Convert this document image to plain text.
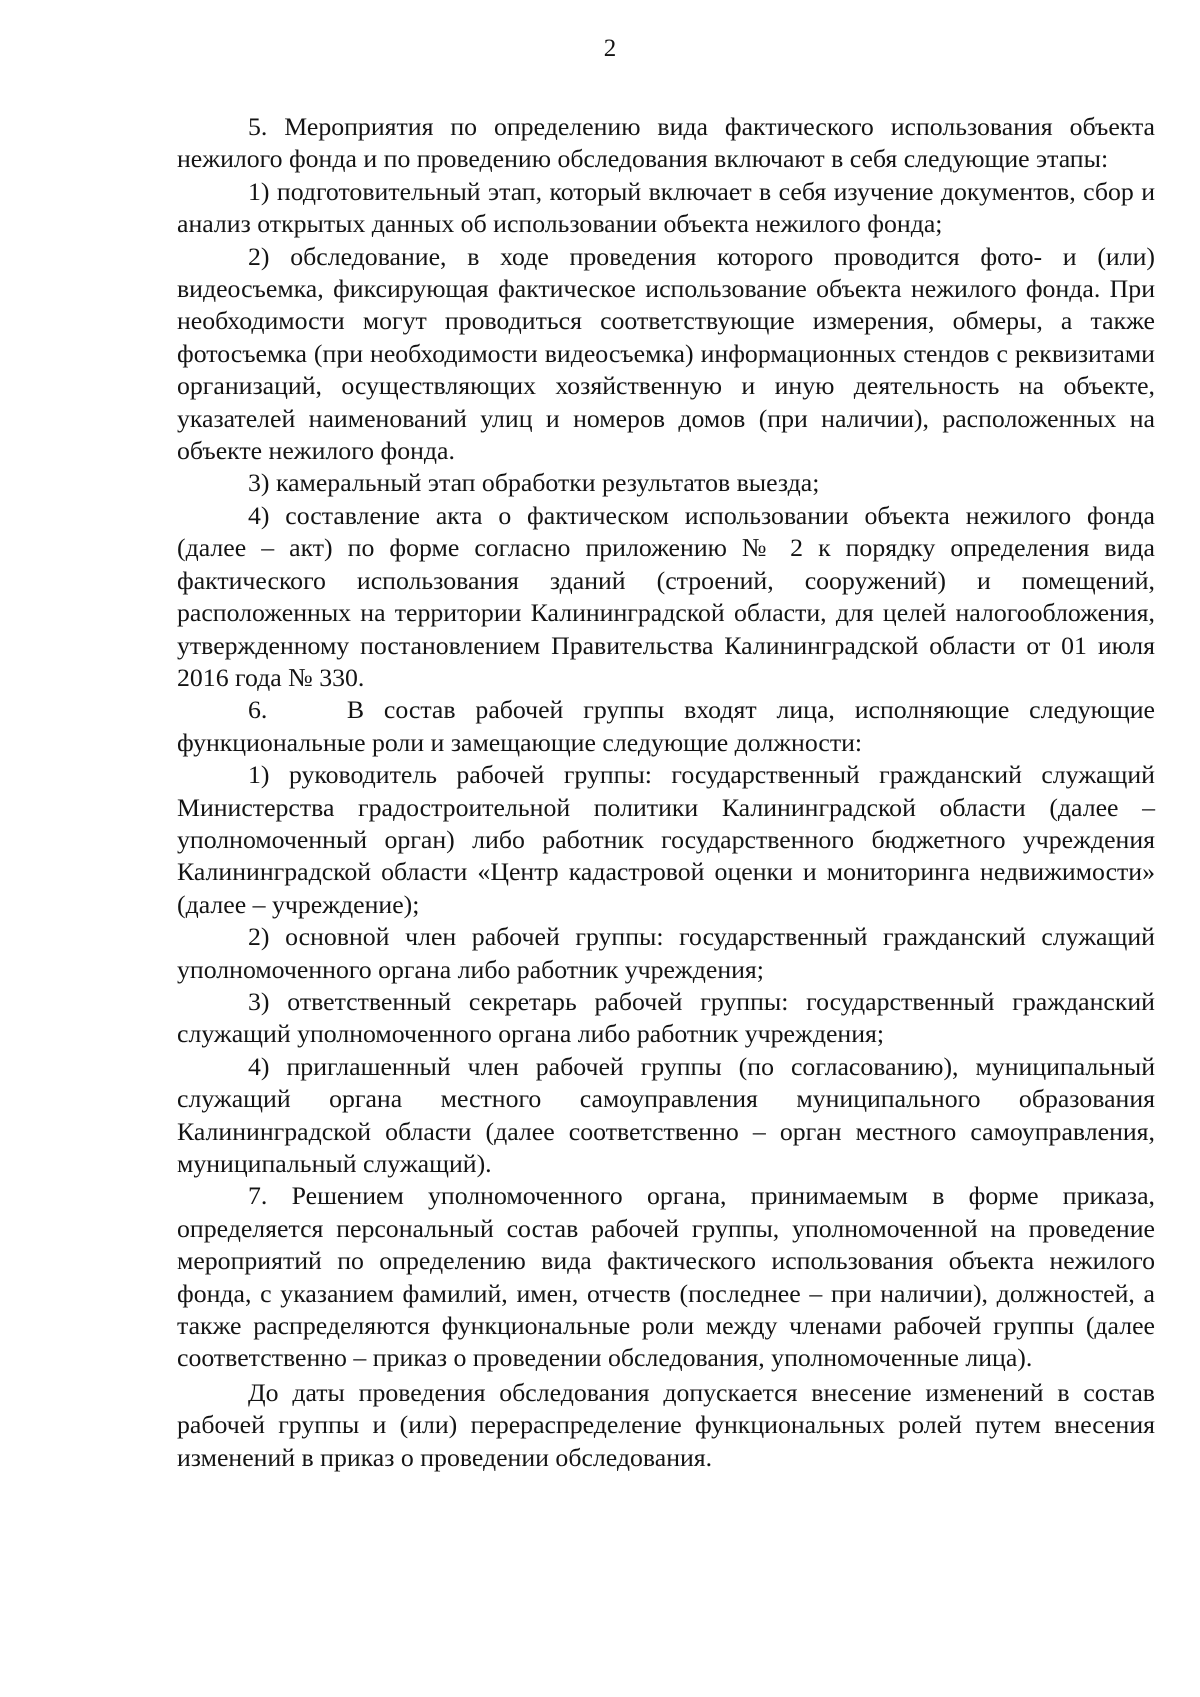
2

5. Мероприятия по определению вида фактического использования объекта нежилого фонда и по проведению обследования включают в себя следующие этапы:

1) подготовительный этап, который включает в себя изучение документов, сбор и анализ открытых данных об использовании объекта нежилого фонда;

2) обследование, в ходе проведения которого проводится фото- и (или) видеосъемка, фиксирующая фактическое использование объекта нежилого фонда. При необходимости могут проводиться соответствующие измерения, обмеры, а также фотосъемка (при необходимости видеосъемка) информационных стендов с реквизитами организаций, осуществляющих хозяйственную и иную деятельность на объекте, указателей наименований улиц и номеров домов (при наличии), расположенных на объекте нежилого фонда.

3) камеральный этап обработки результатов выезда;

4) составление акта о фактическом использовании объекта нежилого фонда (далее – акт) по форме согласно приложению № 2 к порядку определения вида фактического использования зданий (строений, сооружений) и помещений, расположенных на территории Калининградской области, для целей налогообложения, утвержденному постановлением Правительства Калининградской области от 01 июля 2016 года № 330.

6.    В состав рабочей группы входят лица, исполняющие следующие функциональные роли и замещающие следующие должности:

1) руководитель рабочей группы: государственный гражданский служащий Министерства градостроительной политики Калининградской области (далее – уполномоченный орган) либо работник государственного бюджетного учреждения Калининградской области «Центр кадастровой оценки и мониторинга недвижимости» (далее – учреждение);

2) основной член рабочей группы: государственный гражданский служащий уполномоченного органа либо работник учреждения;

3) ответственный секретарь рабочей группы: государственный гражданский служащий уполномоченного органа либо работник учреждения;

4) приглашенный член рабочей группы (по согласованию), муниципальный служащий органа местного самоуправления муниципального образования Калининградской области (далее соответственно – орган местного самоуправления, муниципальный служащий).

7. Решением уполномоченного органа, принимаемым в форме приказа, определяется персональный состав рабочей группы, уполномоченной на проведение мероприятий по определению вида фактического использования объекта нежилого фонда, с указанием фамилий, имен, отчеств (последнее – при наличии), должностей, а также распределяются функциональные роли между членами рабочей группы (далее соответственно – приказ о проведении обследования, уполномоченные лица).

До даты проведения обследования допускается внесение изменений в состав рабочей группы и (или) перераспределение функциональных ролей путем внесения изменений в приказ о проведении обследования.
